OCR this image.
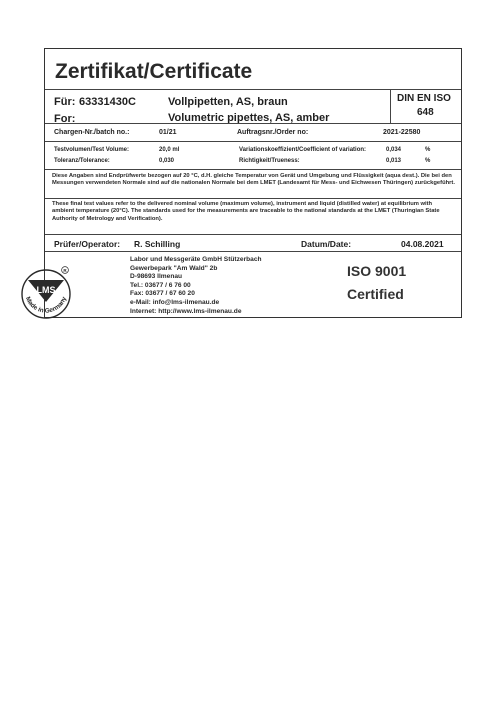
Zertifikat/Certificate
Für: 63331430C	Vollpipetten, AS, braun
For:	Volumetric pipettes, AS, amber
DIN EN ISO
648
Chargen-Nr./batch no.:	01/21	Auftragsnr./Order no:	2021-22580
Testvolumen/Test Volume:	20,0 ml	Variationskoeffizient/Coefficient of variation:	0,034	%
Toleranz/Tolerance:	0,030	Richtigkeit/Trueness:	0,013	%
Diese Angaben sind Endprüfwerte bezogen auf 20 °C, d.H. gleiche Temperatur von Gerät und Umgebung und Flüssigkeit (aqua dest.). Die bei den Messungen verwendeten Normale sind auf die nationalen Normale bei dem LMET (Landesamt für Mess- und Eichwesen Thüringen) zurückgeführt.
These final test values refer to the delivered nominal volume (maximum volume), instrument and liquid (distilled water) at equilibrium with ambient temperature (20°C). The standards used for the measurements are traceable to the national standards at the LMET (Thuringian State Authority of Metrology and Verification).
Prüfer/Operator: R. Schilling	Datum/Date:	04.08.2021
Labor und Messgeräte GmbH Stützerbach
Gewerbepark "Am Wald" 2b
D-98693 Ilmenau
Tel.: 03677 / 6 76 00
Fax: 03677 / 67 60 20
e-Mail: info@lms-ilmenau.de
Internet: http://www.lms-ilmenau.de
ISO 9001
Certified
LMS
R
Made in Germany
